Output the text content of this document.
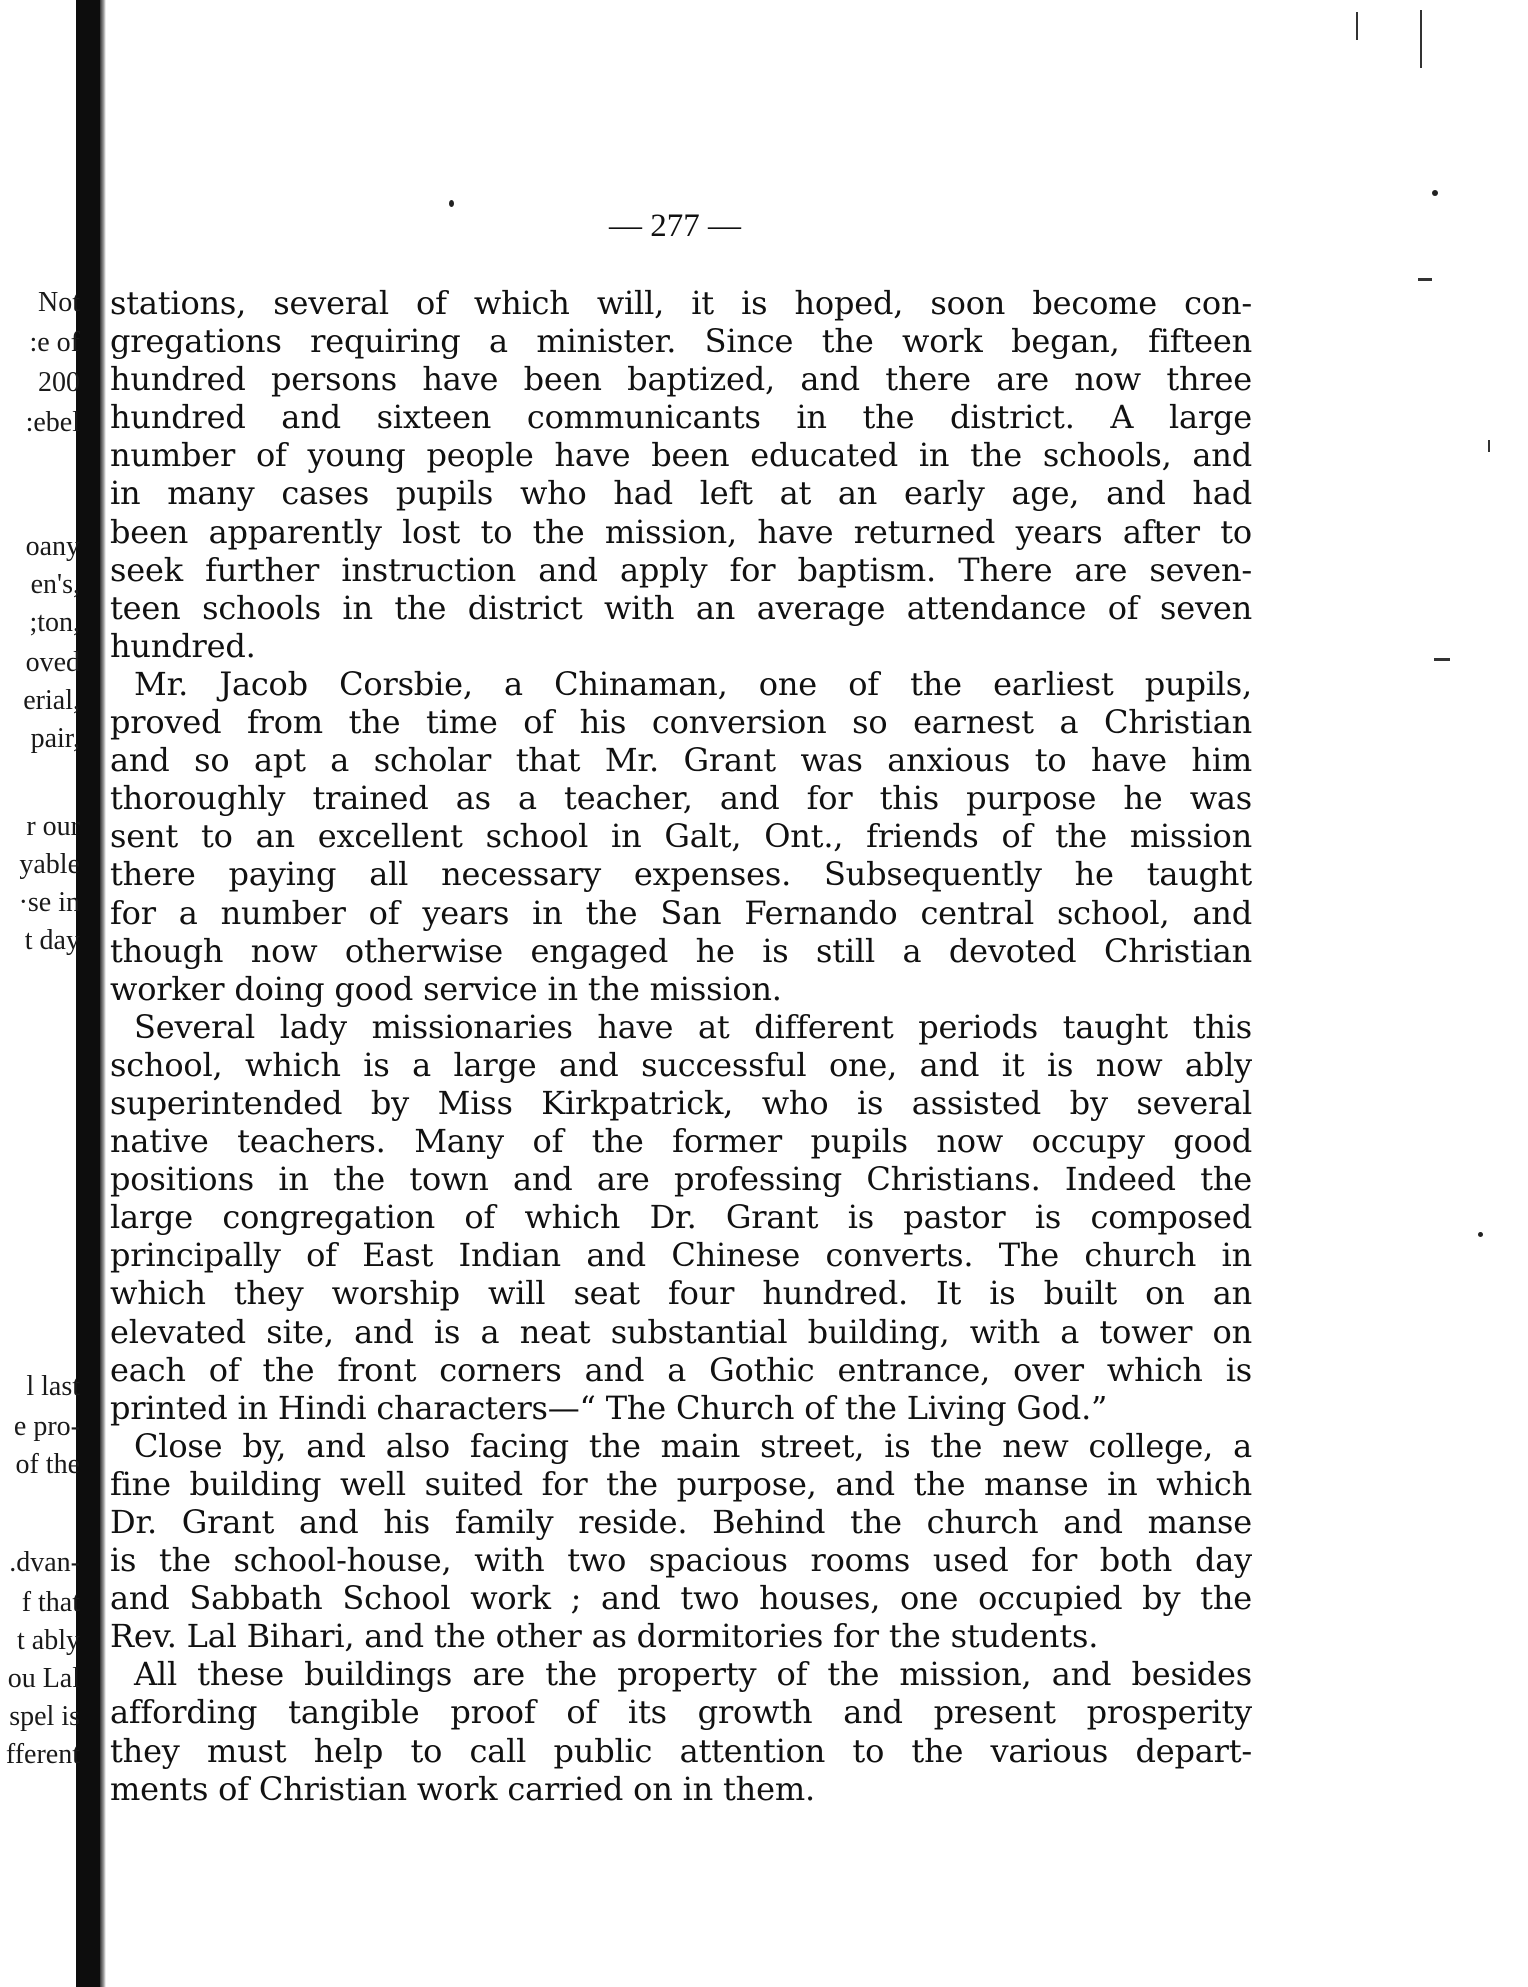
Not
:e of
200
:ebel
oany
en's,
;ton,
oved
erial,
pair,
r our
yable
·se in
t day
l last
e pro-
of the
.dvan-
f that
t ably
ou Lal
spel is
fferent
— 277 —

stations, several of which will, it is hoped, soon become con-
gregations requiring a minister. Since the work began, fifteen
hundred persons have been baptized, and there are now three
hundred and sixteen communicants in the district. A large
number of young people have been educated in the schools, and
in many cases pupils who had left at an early age, and had
been apparently lost to the mission, have returned years after to
seek further instruction and apply for baptism. There are seven-
teen schools in the district with an average attendance of seven
hundred.

Mr. Jacob Corsbie, a Chinaman, one of the earliest pupils,
proved from the time of his conversion so earnest a Christian
and so apt a scholar that Mr. Grant was anxious to have him
thoroughly trained as a teacher, and for this purpose he was
sent to an excellent school in Galt, Ont., friends of the mission
there paying all necessary expenses. Subsequently he taught
for a number of years in the San Fernando central school, and
though now otherwise engaged he is still a devoted Christian
worker doing good service in the mission.

Several lady missionaries have at different periods taught this
school, which is a large and successful one, and it is now ably
superintended by Miss Kirkpatrick, who is assisted by several
native teachers. Many of the former pupils now occupy good
positions in the town and are professing Christians. Indeed the
large congregation of which Dr. Grant is pastor is composed
principally of East Indian and Chinese converts. The church in
which they worship will seat four hundred. It is built on an
elevated site, and is a neat substantial building, with a tower on
each of the front corners and a Gothic entrance, over which is
printed in Hindi characters—“ The Church of the Living God.”

Close by, and also facing the main street, is the new college, a
fine building well suited for the purpose, and the manse in which
Dr. Grant and his family reside. Behind the church and manse
is the school-house, with two spacious rooms used for both day
and Sabbath School work ; and two houses, one occupied by the
Rev. Lal Bihari, and the other as dormitories for the students.

All these buildings are the property of the mission, and besides
affording tangible proof of its growth and present prosperity
they must help to call public attention to the various depart-
ments of Christian work carried on in them.
